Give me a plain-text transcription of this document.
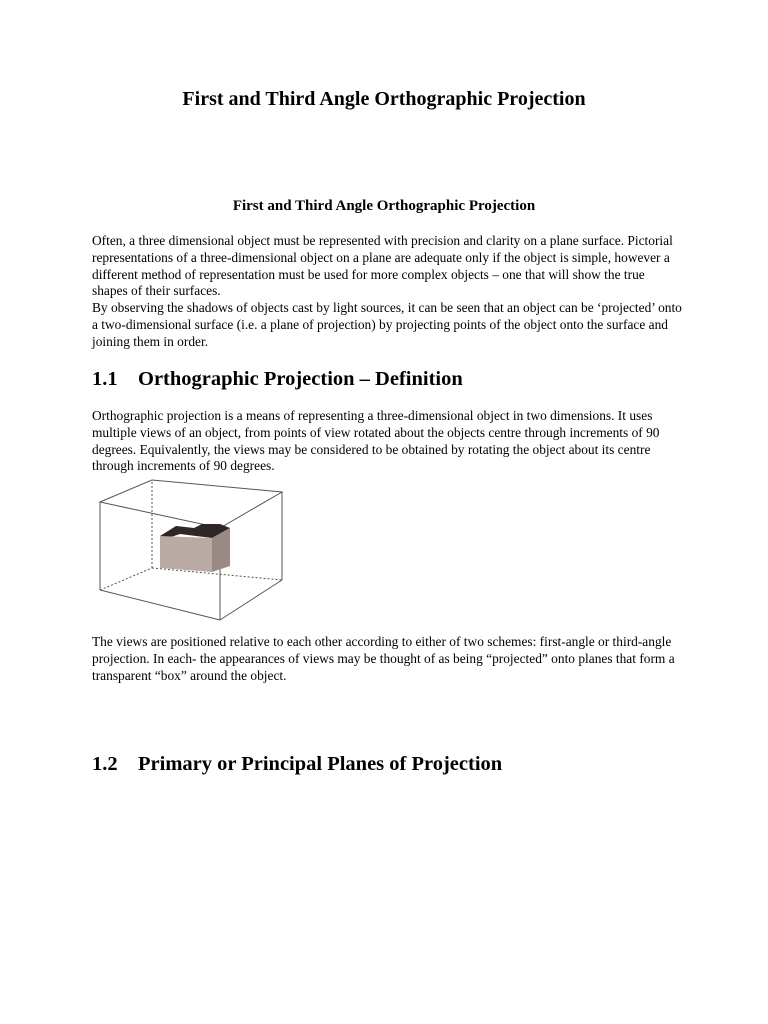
First and Third Angle Orthographic Projection
First and Third Angle Orthographic Projection

Often, a three dimensional object must be represented with precision and clarity on a plane surface. Pictorial representations of a three-dimensional object on a plane are adequate only if the object is simple, however a different method of representation must be used for more complex objects – one that will show the true shapes of their surfaces.

By observing the shadows of objects cast by light sources, it can be seen that an object can be ‘projected’ onto a two-dimensional surface (i.e. a plane of projection) by projecting points of the object onto the surface and joining them in order.

1.1 Orthographic Projection – Definition

Orthographic projection is a means of representing a three-dimensional object in two dimensions. It uses multiple views of an object, from points of view rotated about the objects centre through increments of 90 degrees. Equivalently, the views may be considered to be obtained by rotating the object about its centre through increments of 90 degrees.

The views are positioned relative to each other according to either of two schemes: first-angle or third-angle projection. In each- the appearances of views may be thought of as being “projected” onto planes that form a transparent “box” around the object.

1.2 Primary or Principal Planes of Projection
